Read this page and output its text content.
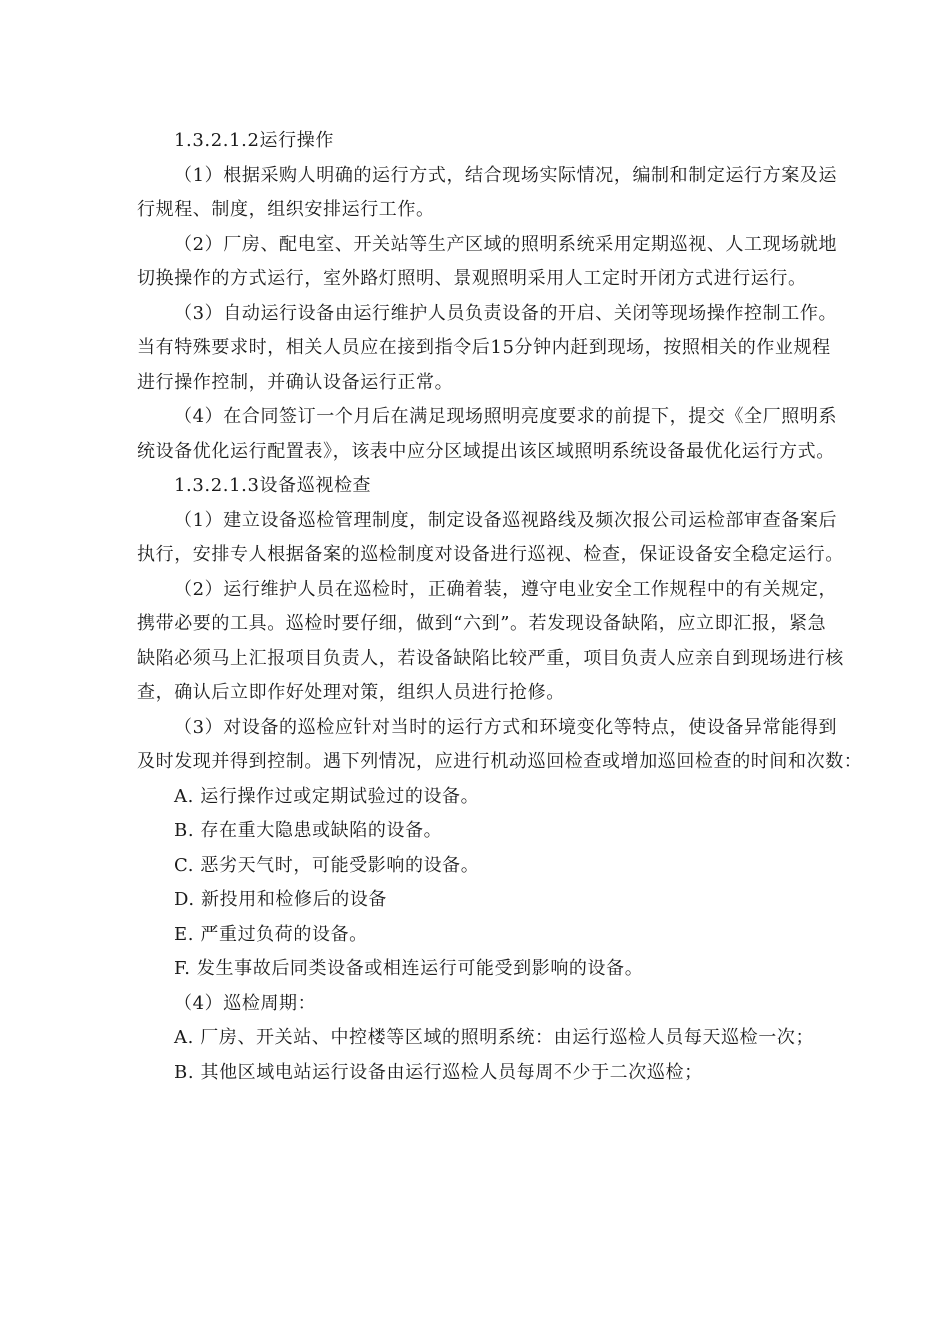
1.3.2.1.2运行操作
（1）根据采购人明确的运行方式，结合现场实际情况，编制和制定运行方案及运
行规程、制度，组织安排运行工作。
（2）厂房、配电室、开关站等生产区域的照明系统采用定期巡视、人工现场就地
切换操作的方式运行，室外路灯照明、景观照明采用人工定时开闭方式进行运行。
（3）自动运行设备由运行维护人员负责设备的开启、关闭等现场操作控制工作。
当有特殊要求时，相关人员应在接到指令后15分钟内赶到现场，按照相关的作业规程
进行操作控制，并确认设备运行正常。
（4）在合同签订一个月后在满足现场照明亮度要求的前提下，提交《全厂照明系
统设备优化运行配置表》，该表中应分区域提出该区域照明系统设备最优化运行方式。
1.3.2.1.3设备巡视检查
（1）建立设备巡检管理制度，制定设备巡视路线及频次报公司运检部审查备案后
执行，安排专人根据备案的巡检制度对设备进行巡视、检查，保证设备安全稳定运行。
（2）运行维护人员在巡检时，正确着装，遵守电业安全工作规程中的有关规定，
携带必要的工具。巡检时要仔细，做到“六到”。若发现设备缺陷，应立即汇报，紧急
缺陷必须马上汇报项目负责人，若设备缺陷比较严重，项目负责人应亲自到现场进行核
查，确认后立即作好处理对策，组织人员进行抢修。
（3）对设备的巡检应针对当时的运行方式和环境变化等特点，使设备异常能得到
及时发现并得到控制。遇下列情况，应进行机动巡回检查或增加巡回检查的时间和次数：
A. 运行操作过或定期试验过的设备。
B. 存在重大隐患或缺陷的设备。
C. 恶劣天气时，可能受影响的设备。
D. 新投用和检修后的设备
E. 严重过负荷的设备。
F. 发生事故后同类设备或相连运行可能受到影响的设备。
（4）巡检周期：
A. 厂房、开关站、中控楼等区域的照明系统：由运行巡检人员每天巡检一次；
B. 其他区域电站运行设备由运行巡检人员每周不少于二次巡检；
